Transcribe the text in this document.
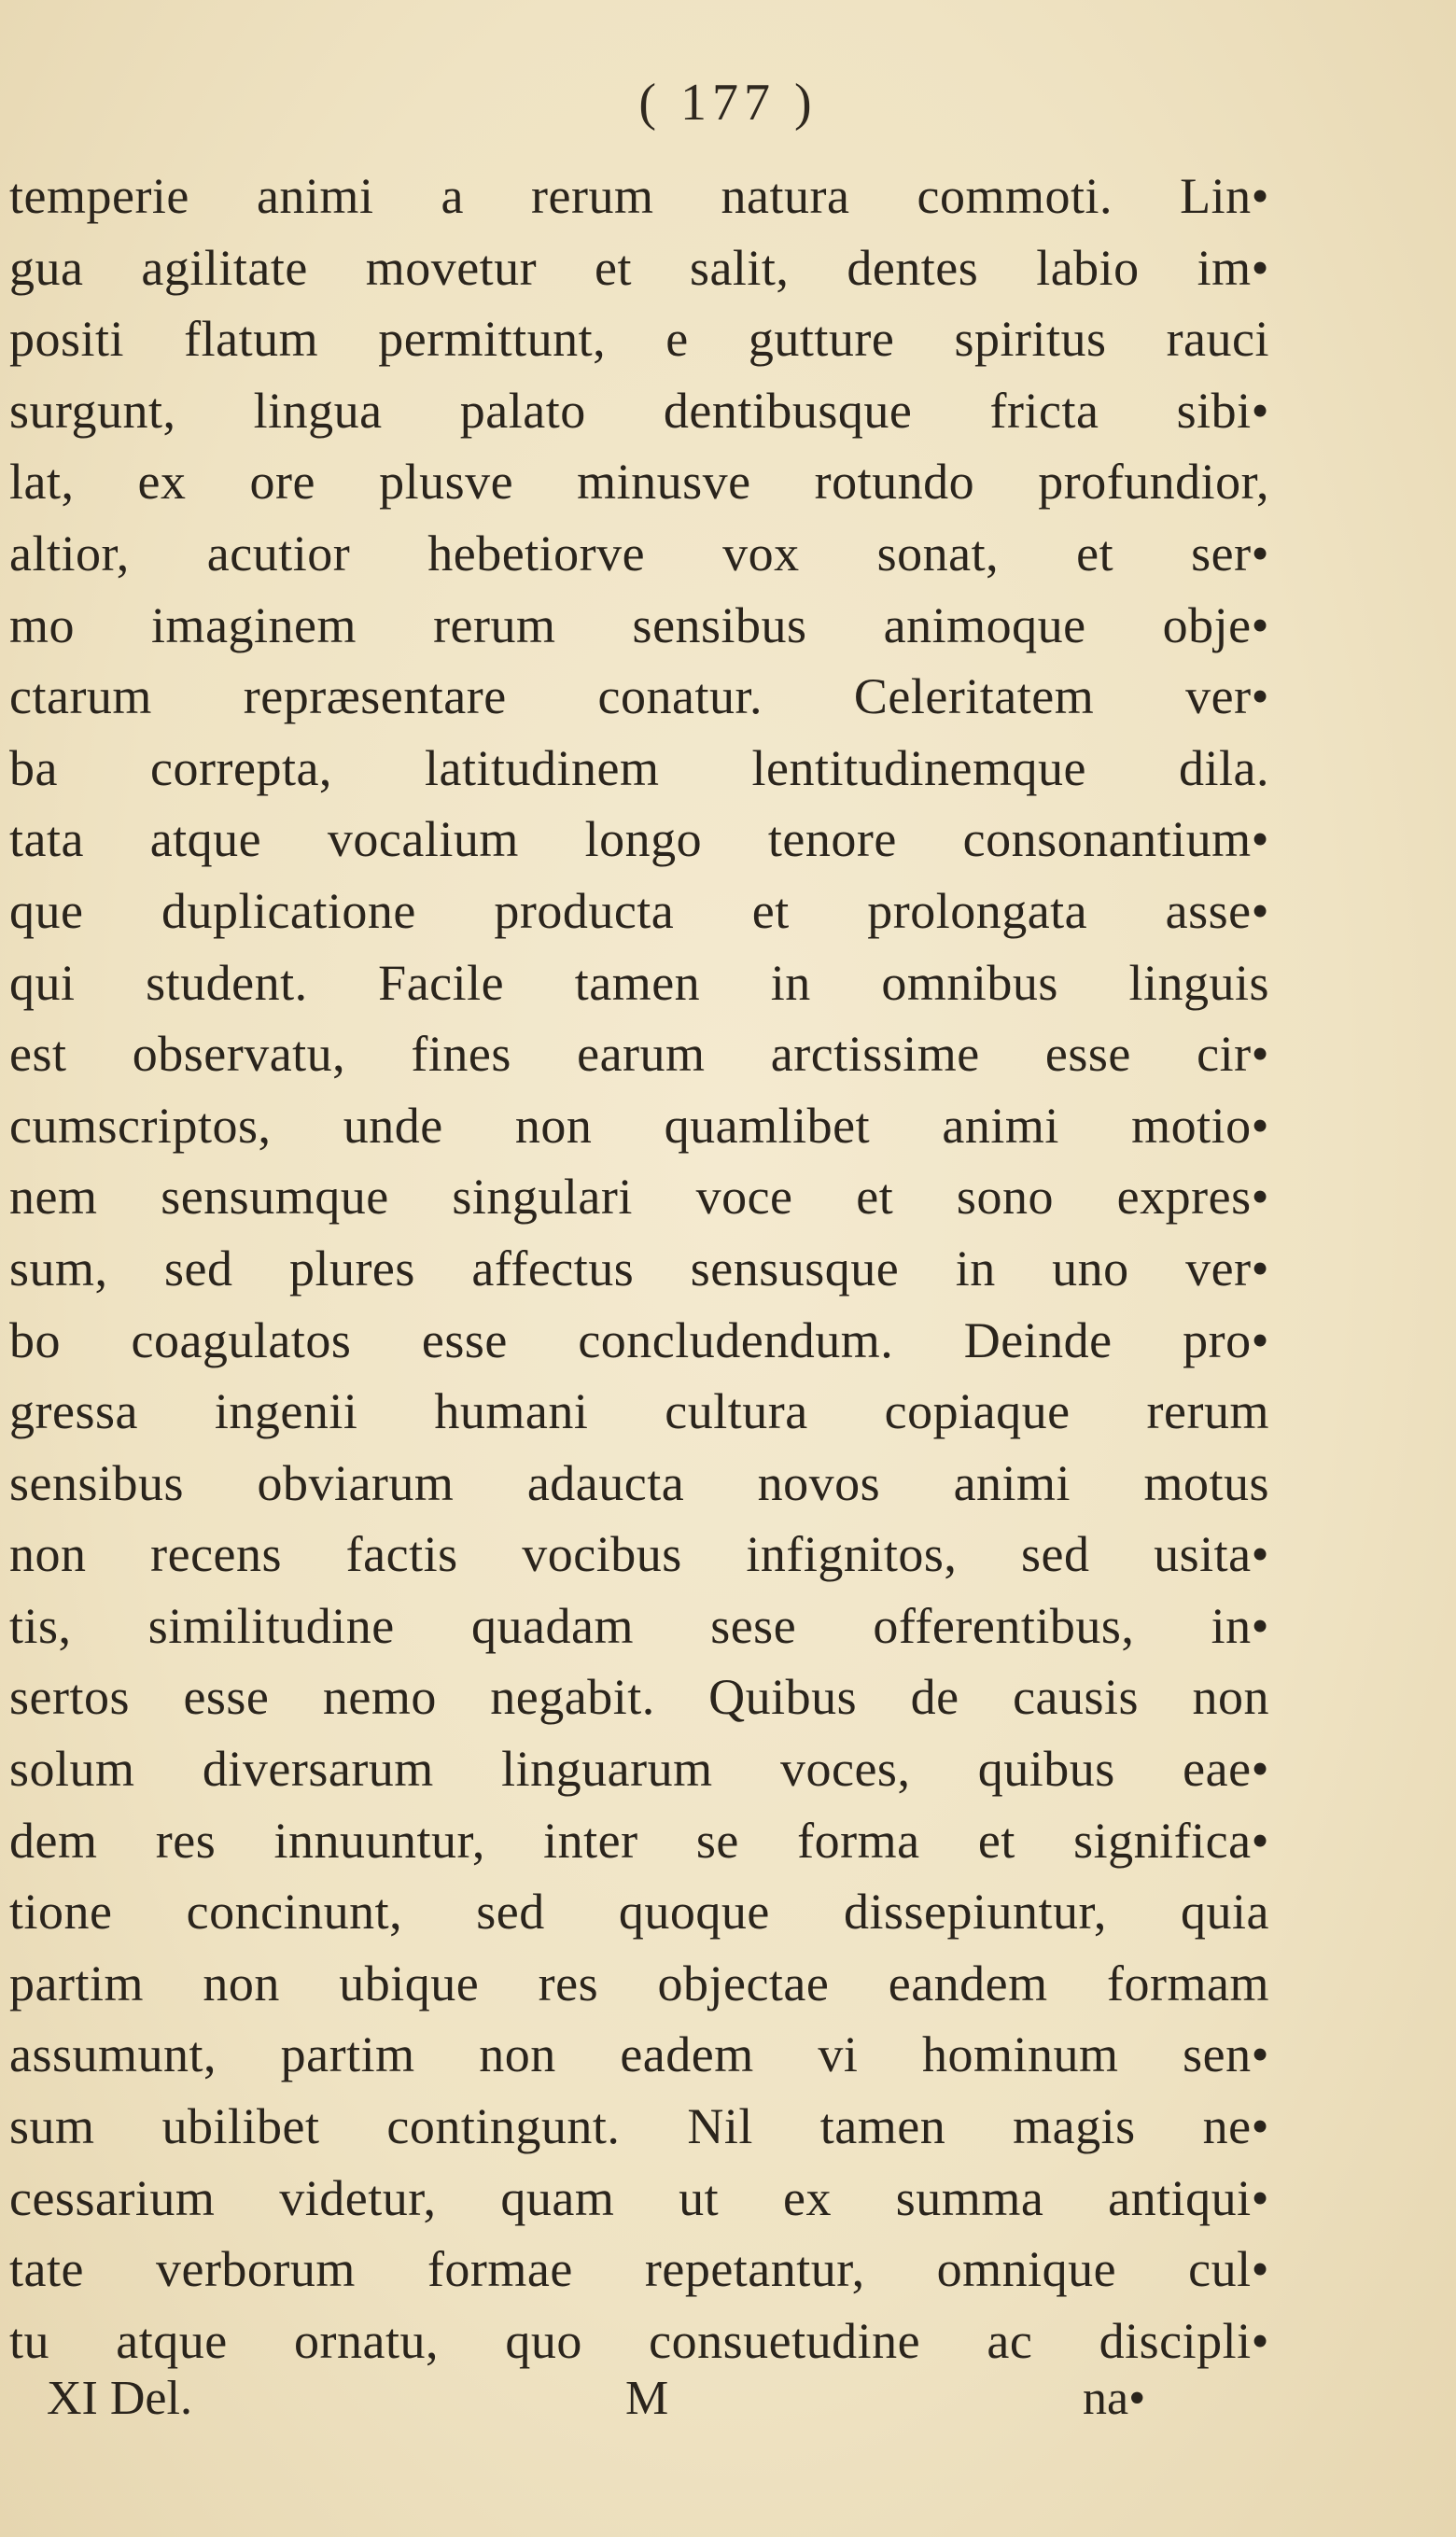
( 177 )
temperie animi a rerum natura commoti. Lin•
gua agilitate movetur et salit, dentes labio im•
positi flatum permittunt, e gutture spiritus rauci
surgunt, lingua palato dentibusque fricta sibi•
lat, ex ore plusve minusve rotundo profundior,
altior, acutior hebetiorve vox sonat, et ser•
mo imaginem rerum sensibus animoque obje•
ctarum repræsentare conatur. Celeritatem ver•
ba correpta, latitudinem lentitudinemque dila.
tata atque vocalium longo tenore consonantium•
que duplicatione producta et prolongata asse•
qui student. Facile tamen in omnibus linguis
est observatu, fines earum arctissime esse cir•
cumscriptos, unde non quamlibet animi motio•
nem sensumque singulari voce et sono expres•
sum, sed plures affectus sensusque in uno ver•
bo coagulatos esse concludendum. Deinde pro•
gressa ingenii humani cultura copiaque rerum
sensibus obviarum adaucta novos animi motus
non recens factis vocibus infignitos, sed usita•
tis, similitudine quadam sese offerentibus, in•
sertos esse nemo negabit. Quibus de causis non
solum diversarum linguarum voces, quibus eae•
dem res innuuntur, inter se forma et significa•
tione concinunt, sed quoque dissepiuntur, quia
partim non ubique res objectae eandem formam
assumunt, partim non eadem vi hominum sen•
sum ubilibet contingunt. Nil tamen magis ne•
cessarium videtur, quam ut ex summa antiqui•
tate verborum formae repetantur, omnique cul•
tu atque ornatu, quo consuetudine ac discipli•
XI Del.	M	na•
